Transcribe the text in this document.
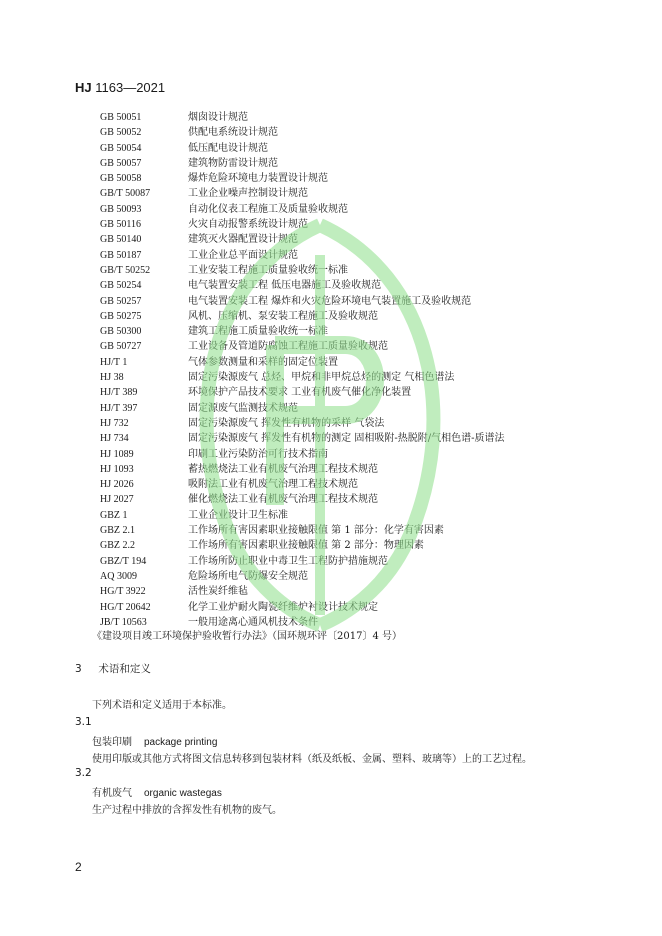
HJ 1163—2021
GB 50051	烟囱设计规范
GB 50052	供配电系统设计规范
GB 50054	低压配电设计规范
GB 50057	建筑物防雷设计规范
GB 50058	爆炸危险环境电力装置设计规范
GB/T 50087	工业企业噪声控制设计规范
GB 50093	自动化仪表工程施工及质量验收规范
GB 50116	火灾自动报警系统设计规范
GB 50140	建筑灭火器配置设计规范
GB 50187	工业企业总平面设计规范
GB/T 50252	工业安装工程施工质量验收统一标准
GB 50254	电气装置安装工程 低压电器施工及验收规范
GB 50257	电气装置安装工程 爆炸和火灾危险环境电气装置施工及验收规范
GB 50275	风机、压缩机、泵安装工程施工及验收规范
GB 50300	建筑工程施工质量验收统一标准
GB 50727	工业设备及管道防腐蚀工程施工质量验收规范
HJ/T 1	气体参数测量和采样的固定位装置
HJ 38	固定污染源废气 总烃、甲烷和非甲烷总烃的测定 气相色谱法
HJ/T 389	环境保护产品技术要求 工业有机废气催化净化装置
HJ/T 397	固定源废气监测技术规范
HJ 732	固定污染源废气 挥发性有机物的采样 气袋法
HJ 734	固定污染源废气 挥发性有机物的测定 固相吸附-热脱附/气相色谱-质谱法
HJ 1089	印刷工业污染防治可行技术指南
HJ 1093	蓄热燃烧法工业有机废气治理工程技术规范
HJ 2026	吸附法工业有机废气治理工程技术规范
HJ 2027	催化燃烧法工业有机废气治理工程技术规范
GBZ 1	工业企业设计卫生标准
GBZ 2.1	工作场所有害因素职业接触限值 第 1 部分：化学有害因素
GBZ 2.2	工作场所有害因素职业接触限值 第 2 部分：物理因素
GBZ/T 194	工作场所防止职业中毒卫生工程防护措施规范
AQ 3009	危险场所电气防爆安全规范
HG/T 3922	活性炭纤维毡
HG/T 20642	化学工业炉耐火陶瓷纤维炉衬设计技术规定
JB/T 10563	一般用途离心通风机技术条件
《建设项目竣工环境保护验收暂行办法》（国环规环评〔2017〕4 号）
3 术语和定义
下列术语和定义适用于本标准。
3.1
包装印刷 package printing
使用印版或其他方式将图文信息转移到包装材料（纸及纸板、金属、塑料、玻璃等）上的工艺过程。
3.2
有机废气 organic wastegas
生产过程中排放的含挥发性有机物的废气。
2
